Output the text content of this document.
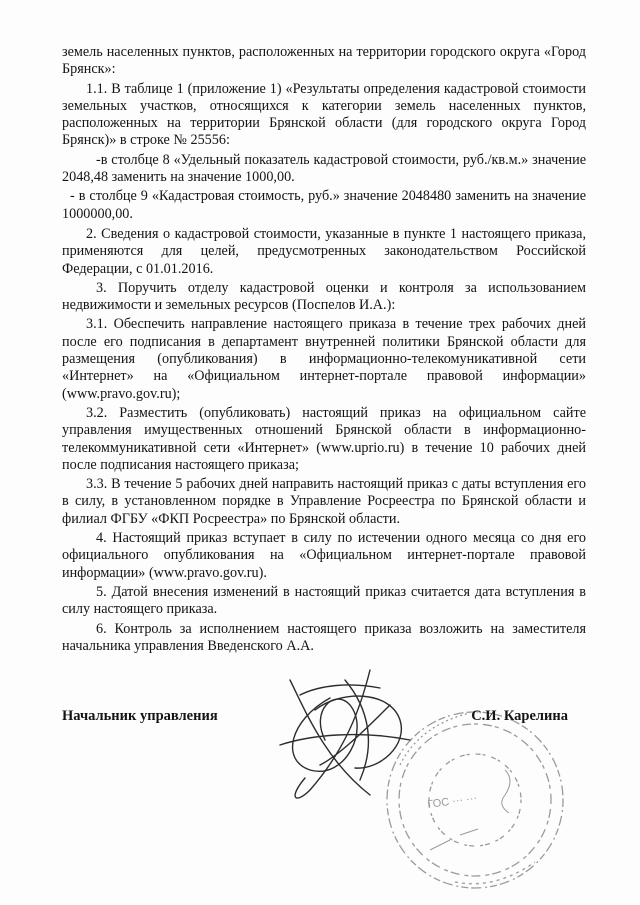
земель населенных пунктов, расположенных на территории городского округа «Город Брянск»:

1.1. В таблице 1 (приложение 1) «Результаты определения кадастровой стоимости земельных участков, относящихся к категории земель населенных пунктов, расположенных на территории Брянской области (для городского округа Город Брянск)» в строке № 25556:

-в столбце 8 «Удельный показатель кадастровой стоимости, руб./кв.м.» значение 2048,48 заменить на значение 1000,00.

- в столбце 9 «Кадастровая стоимость, руб.» значение 2048480 заменить на значение 1000000,00.

2. Сведения о кадастровой стоимости, указанные в пункте 1 настоящего приказа, применяются для целей, предусмотренных законодательством Российской Федерации, с 01.01.2016.

3. Поручить отделу кадастровой оценки и контроля за использованием недвижимости и земельных ресурсов (Поспелов И.А.):

3.1. Обеспечить направление настоящего приказа в течение трех рабочих дней после его подписания в департамент внутренней политики Брянской области для размещения (опубликования) в информационно-телекомуникативной сети «Интернет» на «Официальном интернет-портале правовой информации» (www.pravo.gov.ru);

3.2. Разместить (опубликовать) настоящий приказ на официальном сайте управления имущественных отношений Брянской области в информационно-телекоммуникативной сети «Интернет» (www.uprio.ru) в течение 10 рабочих дней после подписания настоящего приказа;

3.3. В течение 5 рабочих дней направить настоящий приказ с даты вступления его в силу, в установленном порядке в Управление Росреестра по Брянской области и филиал ФГБУ «ФКП Росреестра» по Брянской области.

4. Настоящий приказ вступает в силу по истечении одного месяца со дня его официального опубликования на «Официальном интернет-портале правовой информации» (www.pravo.gov.ru).

5. Датой внесения изменений в настоящий приказ считается дата вступления в силу настоящего приказа.

6. Контроль за исполнением настоящего приказа возложить на заместителя начальника управления Введенского А.А.

ГОС ··· ···
Начальник управления	С.И. Карелина
